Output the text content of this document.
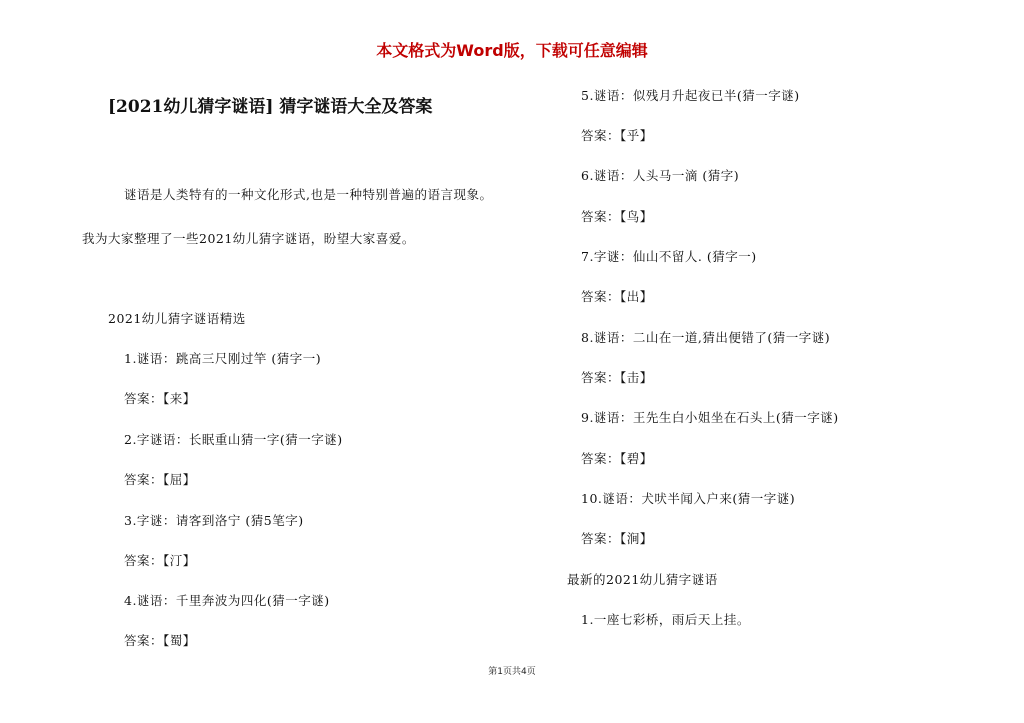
本文格式为Word版，下载可任意编辑
[2021幼儿猜字谜语] 猜字谜语大全及答案
谜语是人类特有的一种文化形式,也是一种特别普遍的语言现象。
我为大家整理了一些2021幼儿猜字谜语，盼望大家喜爱。
2021幼儿猜字谜语精选
1.谜语：跳高三尺刚过竿 (猜字一)
答案：【来】
2.字谜语：长眠重山猜一字(猜一字谜)
答案：【屈】
3.字谜：请客到洛宁 (猜5笔字)
答案：【汀】
4.谜语：千里奔波为四化(猜一字谜)
答案：【蜀】
5.谜语：似残月升起夜已半(猜一字谜)
答案：【乎】
6.谜语：人头马一滴 (猜字)
答案：【鸟】
7.字谜：仙山不留人. (猜字一)
答案：【出】
8.谜语：二山在一道,猜出便错了(猜一字谜)
答案：【击】
9.谜语：王先生白小姐坐在石头上(猜一字谜)
答案：【碧】
10.谜语：犬吠半闻入户来(猜一字谜)
答案：【涧】
最新的2021幼儿猜字谜语
1.一座七彩桥，雨后天上挂。
第1页共4页
